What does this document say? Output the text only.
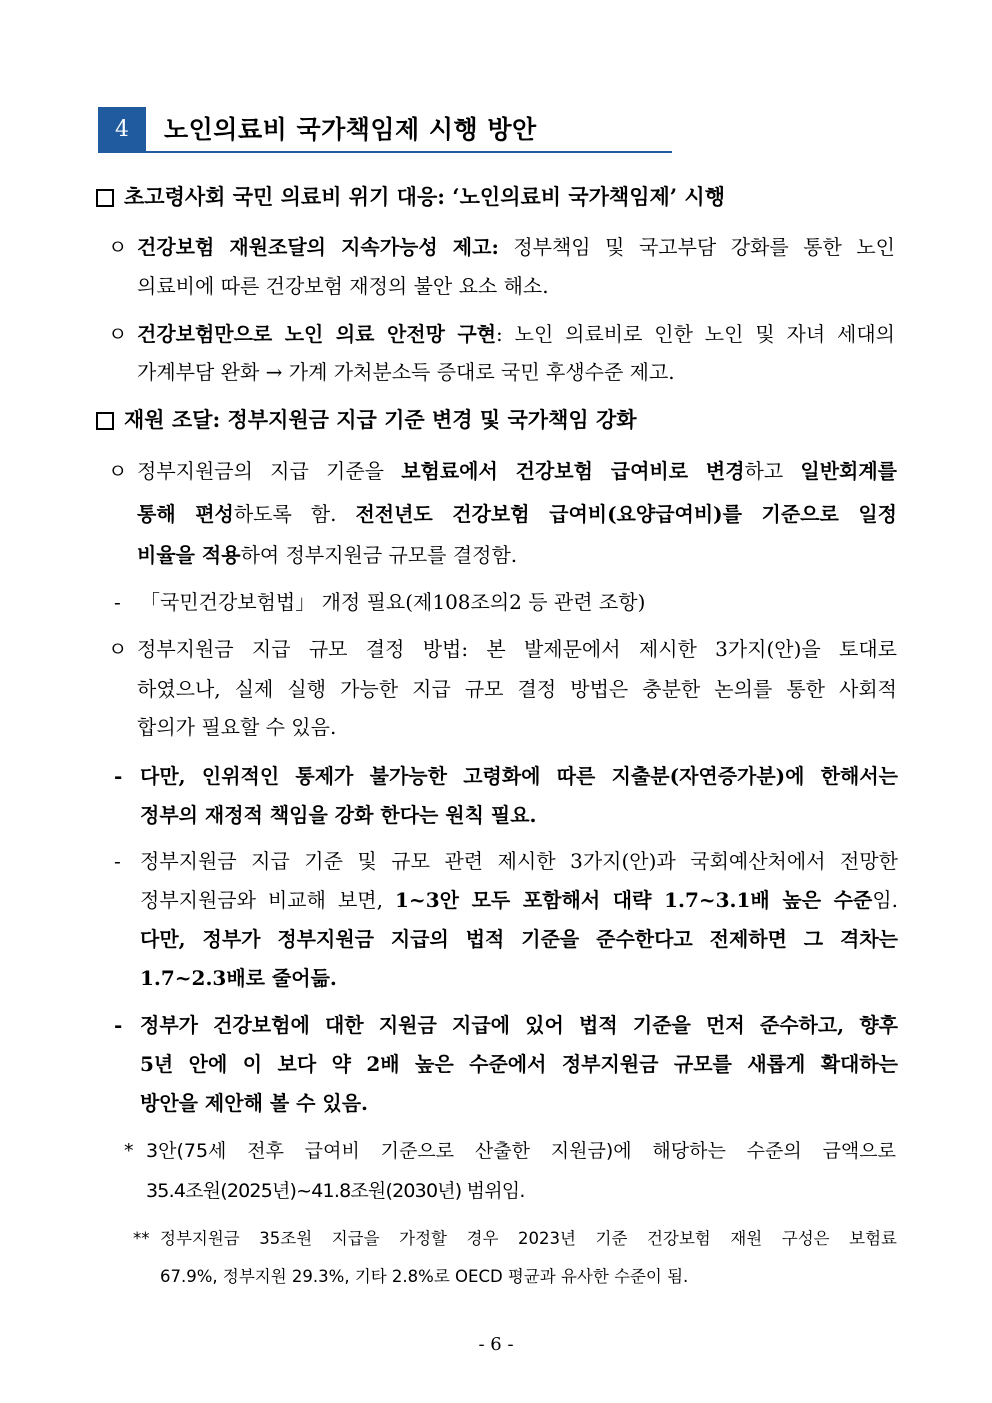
4	노인의료비 국가책임제 시행 방안
초고령사회 국민 의료비 위기 대응: ‘노인의료비 국가책임제’ 시행
ㅇ 건강보험 재원조달의 지속가능성 제고: 정부책임 및 국고부담 강화를 통한 노인
의료비에 따른 건강보험 재정의 불안 요소 해소.
ㅇ 건강보험만으로 노인 의료 안전망 구현: 노인 의료비로 인한 노인 및 자녀 세대의
가계부담 완화 → 가계 가처분소득 증대로 국민 후생수준 제고.
재원 조달: 정부지원금 지급 기준 변경 및 국가책임 강화
ㅇ 정부지원금의 지급 기준을 보험료에서 건강보험 급여비로 변경하고 일반회계를
통해 편성하도록 함. 전전년도 건강보험 급여비(요양급여비)를 기준으로 일정
비율을 적용하여 정부지원금 규모를 결정함.
- 「국민건강보험법」 개정 필요(제108조의2 등 관련 조항)
ㅇ 정부지원금 지급 규모 결정 방법: 본 발제문에서 제시한 3가지(안)을 토대로
하였으나, 실제 실행 가능한 지급 규모 결정 방법은 충분한 논의를 통한 사회적
합의가 필요할 수 있음.
- 다만, 인위적인 통제가 불가능한 고령화에 따른 지출분(자연증가분)에 한해서는
정부의 재정적 책임을 강화 한다는 원칙 필요.
- 정부지원금 지급 기준 및 규모 관련 제시한 3가지(안)과 국회예산처에서 전망한
정부지원금와 비교해 보면, 1~3안 모두 포함해서 대략 1.7~3.1배 높은 수준임.
다만, 정부가 정부지원금 지급의 법적 기준을 준수한다고 전제하면 그 격차는
1.7~2.3배로 줄어듦.
- 정부가 건강보험에 대한 지원금 지급에 있어 법적 기준을 먼저 준수하고, 향후
5년 안에 이 보다 약 2배 높은 수준에서 정부지원금 규모를 새롭게 확대하는
방안을 제안해 볼 수 있음.
* 3안(75세 전후 급여비 기준으로 산출한 지원금)에 해당하는 수준의 금액으로
35.4조원(2025년)~41.8조원(2030년) 범위임.
** 정부지원금 35조원 지급을 가정할 경우 2023년 기준 건강보험 재원 구성은 보험료
67.9%, 정부지원 29.3%, 기타 2.8%로 OECD 평균과 유사한 수준이 됨.
- 6 -
